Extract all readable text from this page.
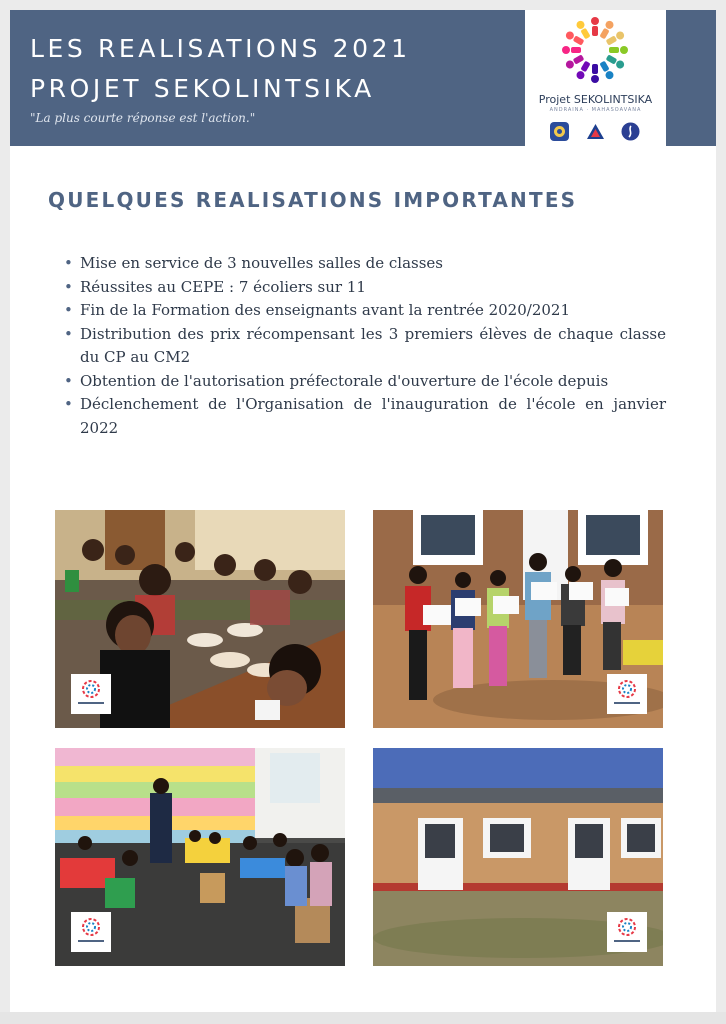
LES REALISATIONS 2021
PROJET SEKOLINTSIKA
"La plus courte réponse est l'action."
Projet SEKOLINTSIKA
ANDRAINA · MAHASOAVANA
QUELQUES REALISATIONS IMPORTANTES
• Mise en service de 3 nouvelles salles de classes
• Réussites au CEPE : 7 écoliers sur 11
• Fin de la Formation des enseignants avant la rentrée 2020/2021
• Distribution des prix récompensant les 3 premiers élèves de chaque classe du CP au CM2
• Obtention de l'autorisation préfectorale d'ouverture de l'école depuis
• Déclenchement de l'Organisation de l'inauguration de l'école en janvier 2022
